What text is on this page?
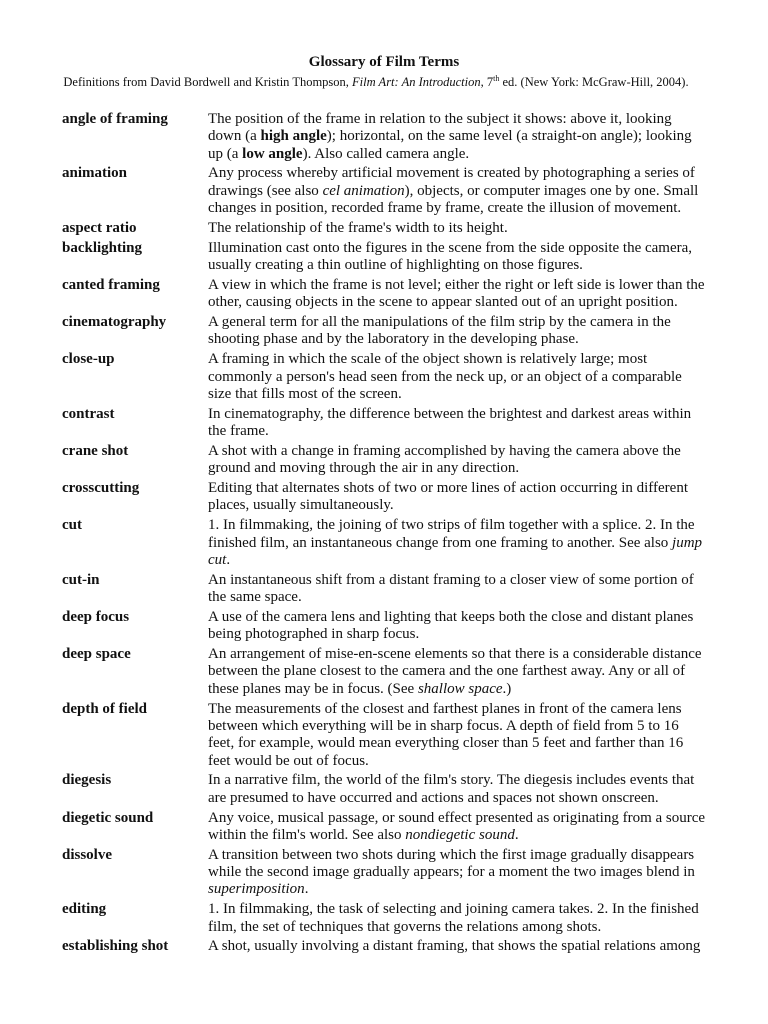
Glossary of Film Terms

Definitions from David Bordwell and Kristin Thompson, Film Art: An Introduction, 7th ed. (New York: McGraw-Hill, 2004).

angle of framing	The position of the frame in relation to the subject it shows: above it, looking down (a high angle); horizontal, on the same level (a straight-on angle); looking up (a low angle). Also called camera angle.
animation	Any process whereby artificial movement is created by photographing a series of drawings (see also cel animation), objects, or computer images one by one. Small changes in position, recorded frame by frame, create the illusion of movement.
aspect ratio	The relationship of the frame's width to its height.
backlighting	Illumination cast onto the figures in the scene from the side opposite the camera, usually creating a thin outline of highlighting on those figures.
canted framing	A view in which the frame is not level; either the right or left side is lower than the other, causing objects in the scene to appear slanted out of an upright position.
cinematography	A general term for all the manipulations of the film strip by the camera in the shooting phase and by the laboratory in the developing phase.
close-up	A framing in which the scale of the object shown is relatively large; most commonly a person's head seen from the neck up, or an object of a comparable size that fills most of the screen.
contrast	In cinematography, the difference between the brightest and darkest areas within the frame.
crane shot	A shot with a change in framing accomplished by having the camera above the ground and moving through the air in any direction.
crosscutting	Editing that alternates shots of two or more lines of action occurring in different places, usually simultaneously.
cut	1. In filmmaking, the joining of two strips of film together with a splice. 2. In the finished film, an instantaneous change from one framing to another. See also jump cut.
cut-in	An instantaneous shift from a distant framing to a closer view of some portion of the same space.
deep focus	A use of the camera lens and lighting that keeps both the close and distant planes being photographed in sharp focus.
deep space	An arrangement of mise-en-scene elements so that there is a considerable distance between the plane closest to the camera and the one farthest away. Any or all of these planes may be in focus. (See shallow space.)
depth of field	The measurements of the closest and farthest planes in front of the camera lens between which everything will be in sharp focus. A depth of field from 5 to 16 feet, for example, would mean everything closer than 5 feet and farther than 16 feet would be out of focus.
diegesis	In a narrative film, the world of the film's story. The diegesis includes events that are presumed to have occurred and actions and spaces not shown onscreen.
diegetic sound	Any voice, musical passage, or sound effect presented as originating from a source within the film's world. See also nondiegetic sound.
dissolve	A transition between two shots during which the first image gradually disappears while the second image gradually appears; for a moment the two images blend in superimposition.
editing	1. In filmmaking, the task of selecting and joining camera takes. 2. In the finished film, the set of techniques that governs the relations among shots.
establishing shot	A shot, usually involving a distant framing, that shows the spatial relations among
